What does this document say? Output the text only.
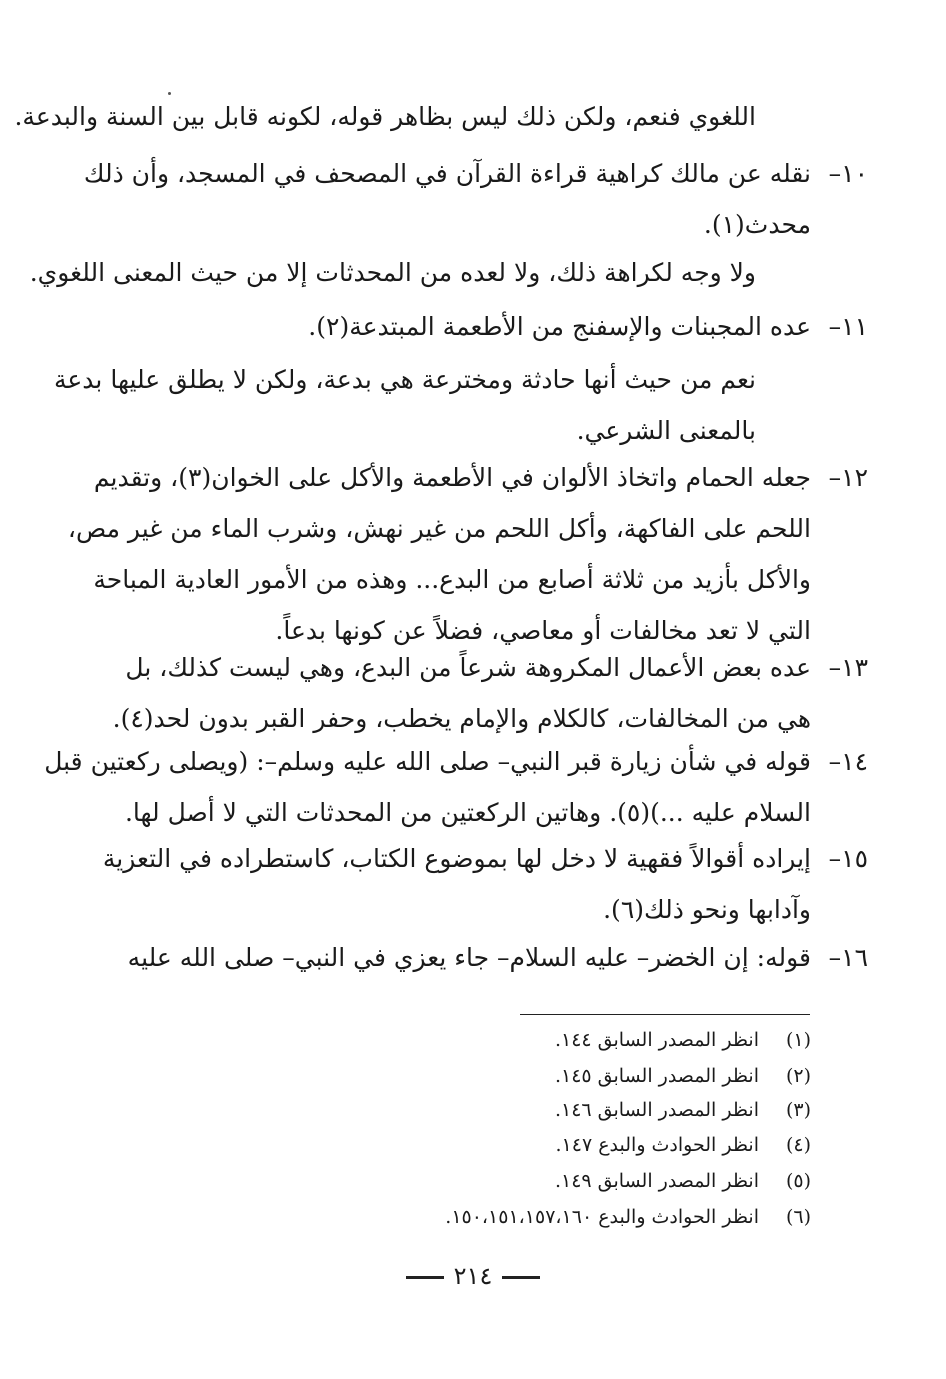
اللغوي فنعم، ولكن ذلك ليس بظاهر قوله، لكونه قابل بين السنة والبدعة.
١٠–
نقله عن مالك كراهية قراءة القرآن في المصحف في المسجد، وأن ذلك
محدث(١).
ولا وجه لكراهة ذلك، ولا لعده من المحدثات إلا من حيث المعنى اللغوي.
١١–
عده المجبنات والإسفنج من الأطعمة المبتدعة(٢).
نعم من حيث أنها حادثة ومخترعة هي بدعة، ولكن لا يطلق عليها بدعة
بالمعنى الشرعي.
١٢–
جعله الحمام واتخاذ الألوان في الأطعمة والأكل على الخوان(٣)، وتقديم
اللحم على الفاكهة، وأكل اللحم من غير نهش، وشرب الماء من غير مص،
والأكل بأزيد من ثلاثة أصابع من البدع... وهذه من الأمور العادية المباحة
التي لا تعد مخالفات أو معاصي، فضلاً عن كونها بدعاً.
١٣–
عده بعض الأعمال المكروهة شرعاً من البدع، وهي ليست كذلك، بل
هي من المخالفات، كالكلام والإمام يخطب، وحفر القبر بدون لحد(٤).
١٤–
قوله في شأن زيارة قبر النبي– صلى الله عليه وسلم–: (ويصلى ركعتين قبل
السلام عليه ...)(٥). وهاتين الركعتين من المحدثات التي لا أصل لها.
١٥–
إيراده أقوالاً فقهية لا دخل لها بموضوع الكتاب، كاستطراده في التعزية
وآدابها ونحو ذلك(٦).
١٦–
قوله: إن الخضر– عليه السلام– جاء يعزي في النبي– صلى الله عليه
(١)انظر المصدر السابق ١٤٤.
(٢)انظر المصدر السابق ١٤٥.
(٣)انظر المصدر السابق ١٤٦.
(٤)انظر الحوادث والبدع ١٤٧.
(٥)انظر المصدر السابق ١٤٩.
(٦)انظر الحوادث والبدع ١٥٠،١٥١،١٥٧،١٦٠.
٢١٤
